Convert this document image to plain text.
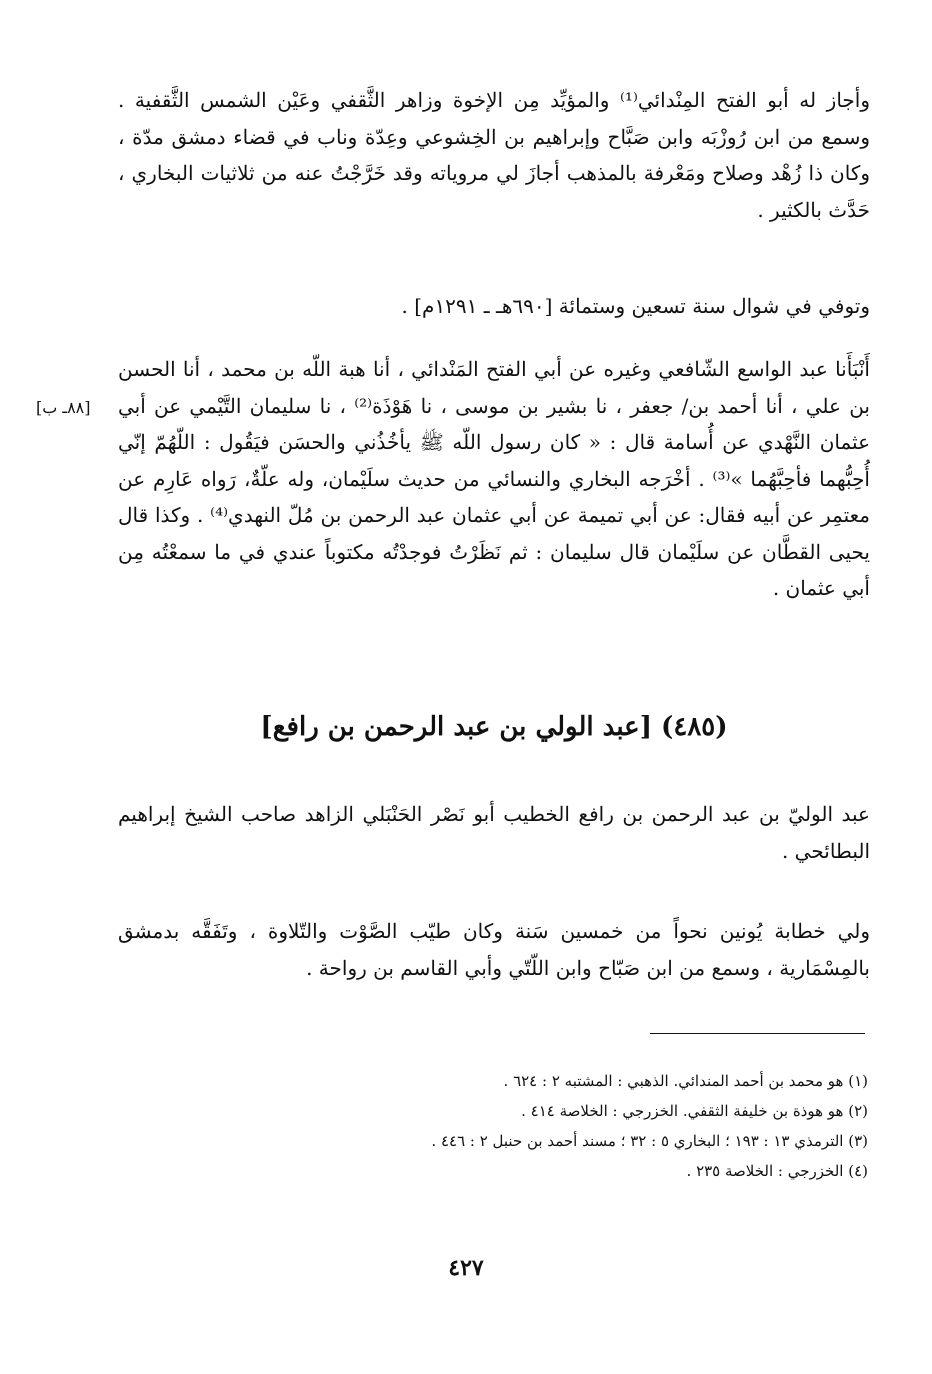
وأجاز له أبو الفتح المِنْدائي⁽¹⁾ والمؤيِّد مِن الإخوة وزاهر الثَّقفي وعَيْن الشمس الثَّقفية . وسمع من ابن رُوزْبَه وابن صَبَّاح وإبراهيم بن الخِشوعي وعِدّة وناب في قضاء دمشق مدّة ، وكان ذا زُهْد وصلاح ومَعْرفة بالمذهب أجازَ لي مروياته وقد خَرَّجْتُ عنه من ثلاثيات البخاري ، حَدَّث بالكثير .

وتوفي في شوال سنة تسعين وستمائة [٦٩٠هـ ـ ١٢٩١م] .

أَنْبَأَنا عبد الواسع الشّافعي وغيره عن أبي الفتح المَنْدائي ، أنا هبة اللّه بن محمد ، أنا الحسن بن علي ، أنا أحمد بن/ جعفر ، نا بشير بن موسى ، نا هَوْذَة⁽²⁾ ، نا سليمان التَّيْمي عن أبي عثمان النَّهْدي عن أُسامة قال : « كان رسول اللّه ﷺ يأخُذُني والحسَن فيَقُول : اللّهُمّ إنّي أُحِبُّهما فأحِبَّهُما »⁽³⁾ . أخْرَجه البخاري والنسائي من حديث سلَيْمان، وله علّةٌ، رَواه عَارِم عن معتمِر عن أبيه فقال: عن أبي تميمة عن أبي عثمان عبد الرحمن بن مُلّ النهدي⁽⁴⁾ . وكذا قال يحيى القطَّان عن سلَيْمان قال سليمان : ثم نَظَرْتُ فوجدْتُه مكتوباً عندي في ما سمعْتُه مِن أبي عثمان .

[٨٨ـ ب]
(٤٨٥) [عبد الولي بن عبد الرحمن بن رافع]

عبد الوليّ بن عبد الرحمن بن رافع الخطيب أبو نَصْر الحَنْبَلي الزاهد صاحب الشيخ إبراهيم البطائحي .

ولي خطابة يُونين نحواً من خمسين سَنة وكان طيّب الصَّوْت والتّلاوة ، وتَفَقَّه بدمشق بالمِسْمَارية ، وسمع من ابن صَبّاح وابن اللّتّي وأبي القاسم بن رواحة .

(١) هو محمد بن أحمد المندائي. الذهبي : المشتبه ٢ : ٦٢٤ .
(٢) هو هوذة بن خليفة الثقفي. الخزرجي : الخلاصة ٤١٤ .
(٣) الترمذي ١٣ : ١٩٣ ؛ البخاري ٥ : ٣٢ ؛ مسند أحمد بن حنبل ٢ : ٤٤٦ .
(٤) الخزرجي : الخلاصة ٢٣٥ .
٤٢٧
